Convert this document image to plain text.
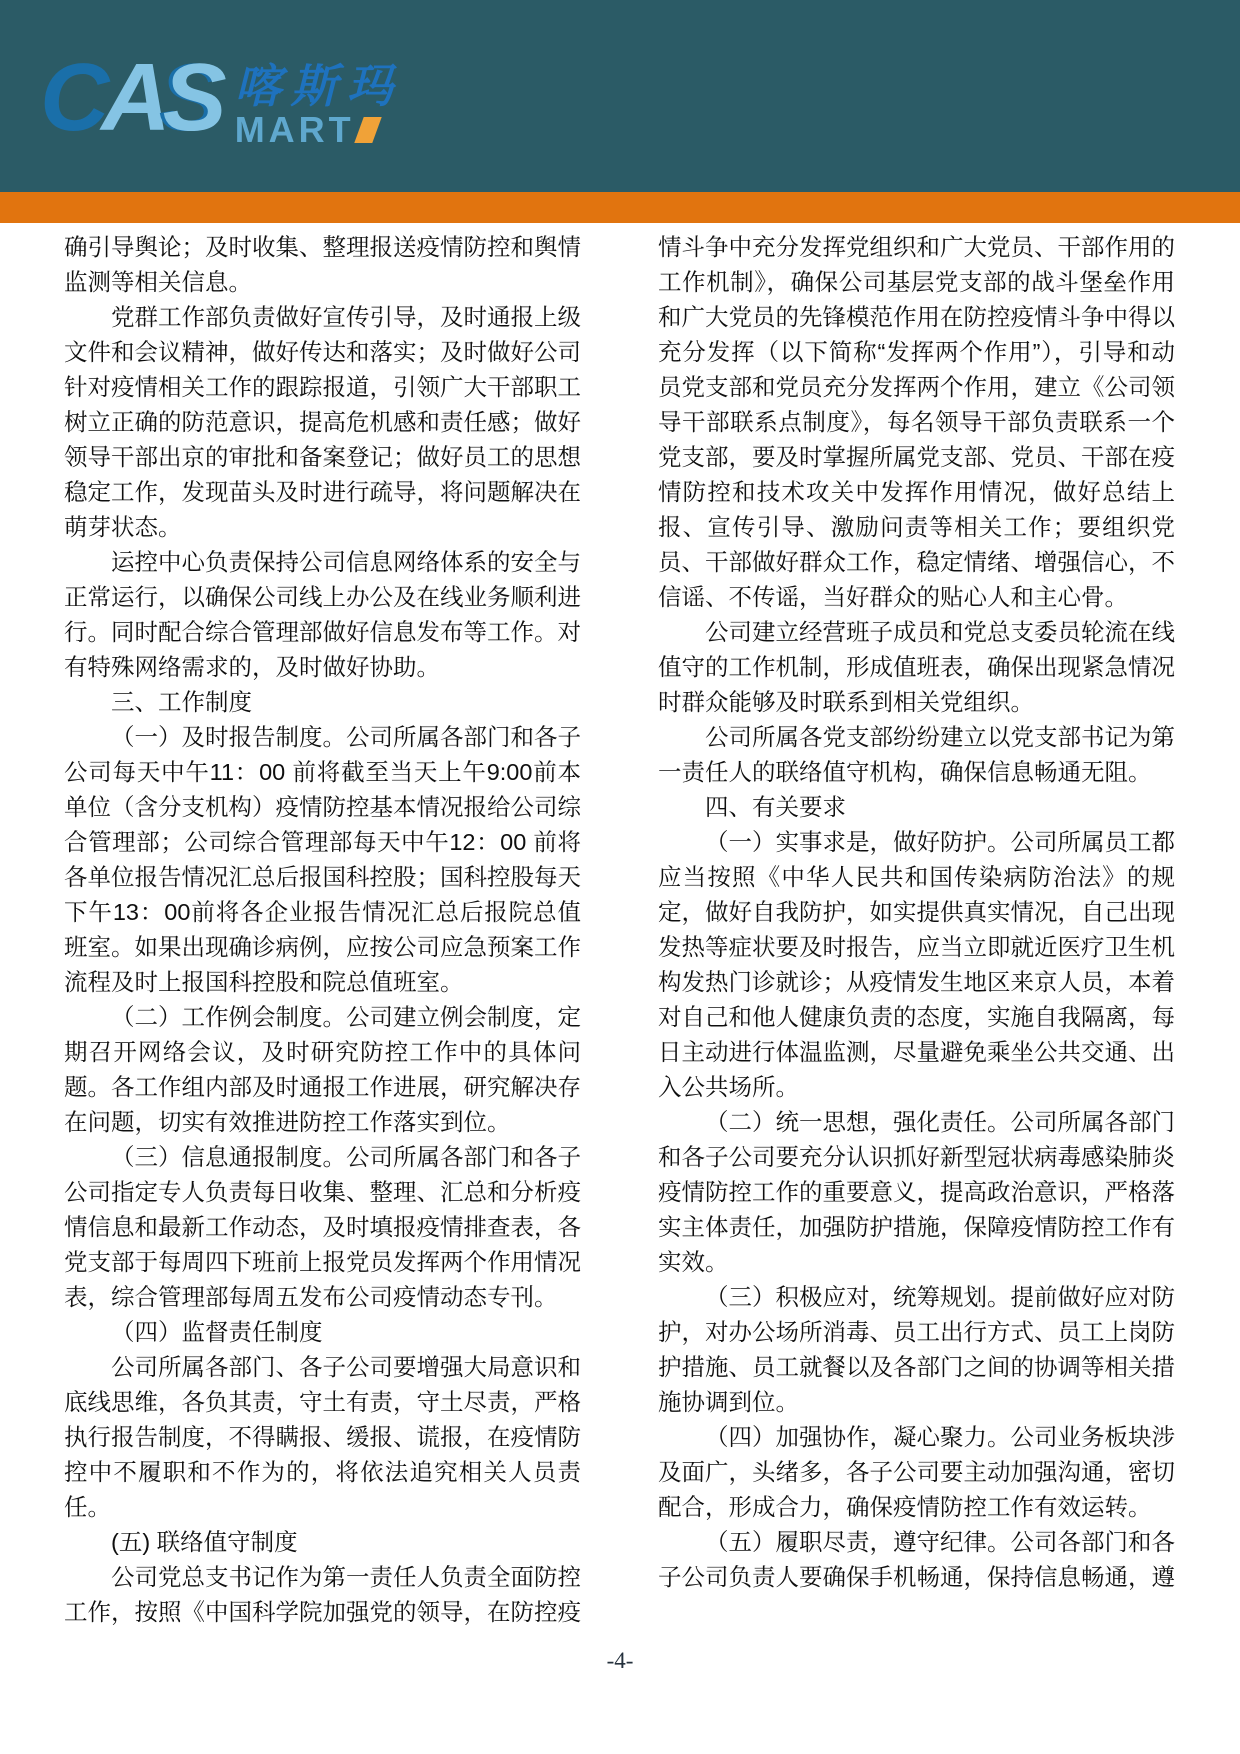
CAS 喀斯玛
MART

确引导舆论；及时收集、整理报送疫情防控和舆情监测等相关信息。

党群工作部负责做好宣传引导，及时通报上级文件和会议精神，做好传达和落实；及时做好公司针对疫情相关工作的跟踪报道，引领广大干部职工树立正确的防范意识，提高危机感和责任感；做好领导干部出京的审批和备案登记；做好员工的思想稳定工作，发现苗头及时进行疏导，将问题解决在萌芽状态。

运控中心负责保持公司信息网络体系的安全与正常运行，以确保公司线上办公及在线业务顺利进行。同时配合综合管理部做好信息发布等工作。对有特殊网络需求的，及时做好协助。

三、工作制度

（一）及时报告制度。公司所属各部门和各子公司每天中午11：00 前将截至当天上午9:00前本单位（含分支机构）疫情防控基本情况报给公司综合管理部；公司综合管理部每天中午12：00 前将各单位报告情况汇总后报国科控股；国科控股每天下午13：00前将各企业报告情况汇总后报院总值班室。如果出现确诊病例，应按公司应急预案工作流程及时上报国科控股和院总值班室。

（二）工作例会制度。公司建立例会制度，定期召开网络会议，及时研究防控工作中的具体问题。各工作组内部及时通报工作进展，研究解决存在问题，切实有效推进防控工作落实到位。

（三）信息通报制度。公司所属各部门和各子公司指定专人负责每日收集、整理、汇总和分析疫情信息和最新工作动态，及时填报疫情排查表，各党支部于每周四下班前上报党员发挥两个作用情况表，综合管理部每周五发布公司疫情动态专刊。

（四）监督责任制度

公司所属各部门、各子公司要增强大局意识和底线思维，各负其责，守土有责，守土尽责，严格执行报告制度，不得瞒报、缓报、谎报，在疫情防控中不履职和不作为的，将依法追究相关人员责任。

(五) 联络值守制度

公司党总支书记作为第一责任人负责全面防控工作，按照《中国科学院加强党的领导，在防控疫

情斗争中充分发挥党组织和广大党员、干部作用的工作机制》，确保公司基层党支部的战斗堡垒作用和广大党员的先锋模范作用在防控疫情斗争中得以充分发挥（以下简称“发挥两个作用”），引导和动员党支部和党员充分发挥两个作用，建立《公司领导干部联系点制度》，每名领导干部负责联系一个党支部，要及时掌握所属党支部、党员、干部在疫情防控和技术攻关中发挥作用情况，做好总结上报、宣传引导、激励问责等相关工作；要组织党员、干部做好群众工作，稳定情绪、增强信心，不信谣、不传谣，当好群众的贴心人和主心骨。

公司建立经营班子成员和党总支委员轮流在线值守的工作机制，形成值班表，确保出现紧急情况时群众能够及时联系到相关党组织。

公司所属各党支部纷纷建立以党支部书记为第一责任人的联络值守机构，确保信息畅通无阻。

四、有关要求

（一）实事求是，做好防护。公司所属员工都应当按照《中华人民共和国传染病防治法》的规定，做好自我防护，如实提供真实情况，自己出现发热等症状要及时报告，应当立即就近医疗卫生机构发热门诊就诊；从疫情发生地区来京人员，本着对自己和他人健康负责的态度，实施自我隔离，每日主动进行体温监测，尽量避免乘坐公共交通、出入公共场所。

（二）统一思想，强化责任。公司所属各部门和各子公司要充分认识抓好新型冠状病毒感染肺炎疫情防控工作的重要意义，提高政治意识，严格落实主体责任，加强防护措施，保障疫情防控工作有实效。

（三）积极应对，统筹规划。提前做好应对防护，对办公场所消毒、员工出行方式、员工上岗防护措施、员工就餐以及各部门之间的协调等相关措施协调到位。

（四）加强协作，凝心聚力。公司业务板块涉及面广，头绪多，各子公司要主动加强沟通，密切配合，形成合力，确保疫情防控工作有效运转。

（五）履职尽责，遵守纪律。公司各部门和各子公司负责人要确保手机畅通，保持信息畅通，遵

-4-
